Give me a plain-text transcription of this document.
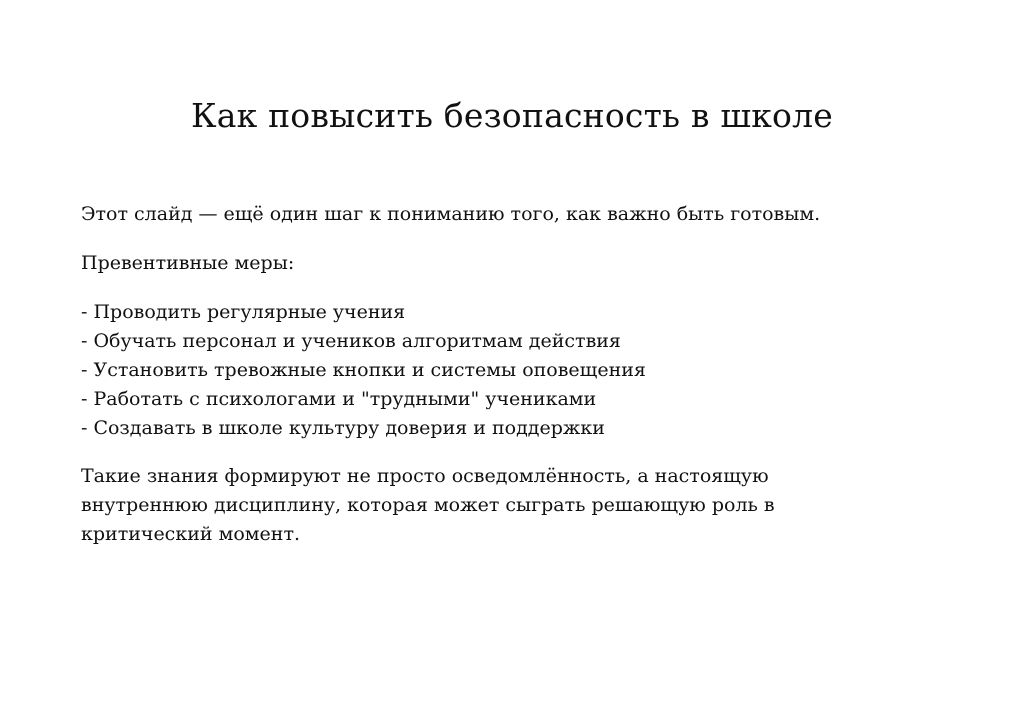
Как повысить безопасность в школе

Этот слайд — ещё один шаг к пониманию того, как важно быть готовым.

Превентивные меры:

- Проводить регулярные учения
- Обучать персонал и учеников алгоритмам действия
- Установить тревожные кнопки и системы оповещения
- Работать с психологами и "трудными" учениками
- Создавать в школе культуру доверия и поддержки
Такие знания формируют не просто осведомлённость, а настоящую
внутреннюю дисциплину, которая может сыграть решающую роль в
критический момент.
